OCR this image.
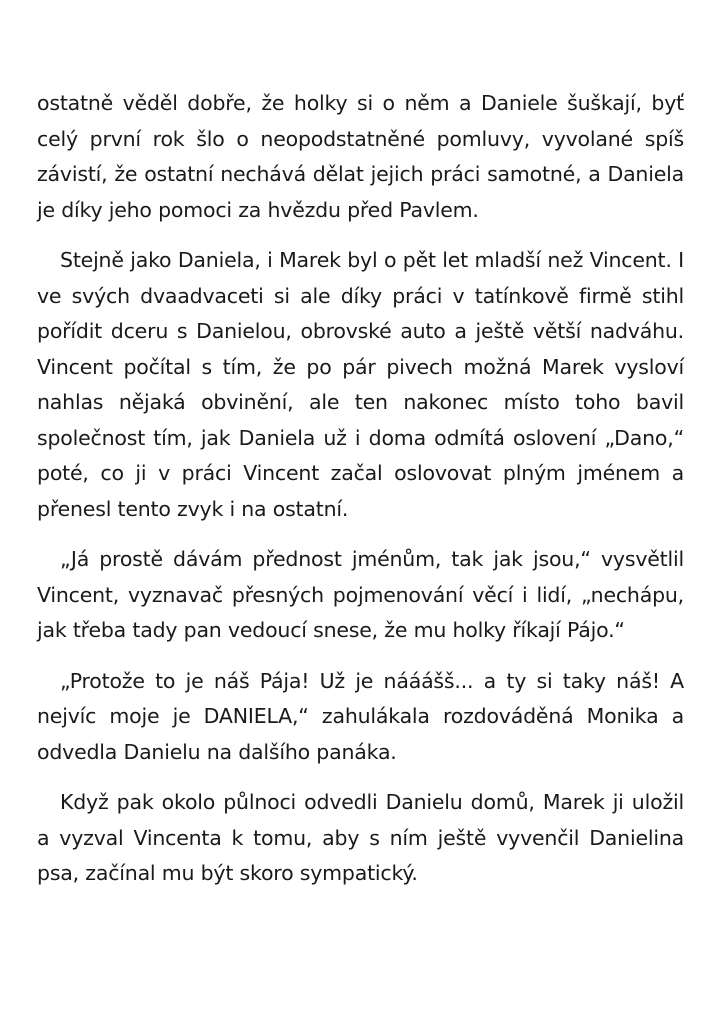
ostatně věděl dobře, že holky si o něm a Daniele šuškají, byť celý první rok šlo o neopodstatněné pomluvy, vyvolané spíš závistí, že ostatní nechává dělat jejich práci samotné, a Daniela je díky jeho pomoci za hvězdu před Pavlem.

Stejně jako Daniela, i Marek byl o pět let mladší než Vincent. I ve svých dvaadvaceti si ale díky práci v tatínkově firmě stihl pořídit dceru s Danielou, obrovské auto a ještě větší nadváhu. Vincent počítal s tím, že po pár pivech možná Marek vysloví nahlas nějaká obvinění, ale ten nakonec místo toho bavil společnost tím, jak Daniela už i doma odmítá oslovení „Dano,“ poté, co ji v práci Vincent začal oslovovat plným jménem a přenesl tento zvyk i na ostatní.

„Já prostě dávám přednost jménům, tak jak jsou,“ vysvětlil Vincent, vyznavač přesných pojmenování věcí i lidí, „nechápu, jak třeba tady pan vedoucí snese, že mu holky říkají Pájo.“

„Protože to je náš Pája! Už je nááášš... a ty si taky náš! A nejvíc moje je DANIELA,“ zahulákala rozdováděná Monika a odvedla Danielu na dalšího panáka.

Když pak okolo půlnoci odvedli Danielu domů, Marek ji uložil a vyzval Vincenta k tomu, aby s ním ještě vyvenčil Danielina psa, začínal mu být skoro sympatický.
